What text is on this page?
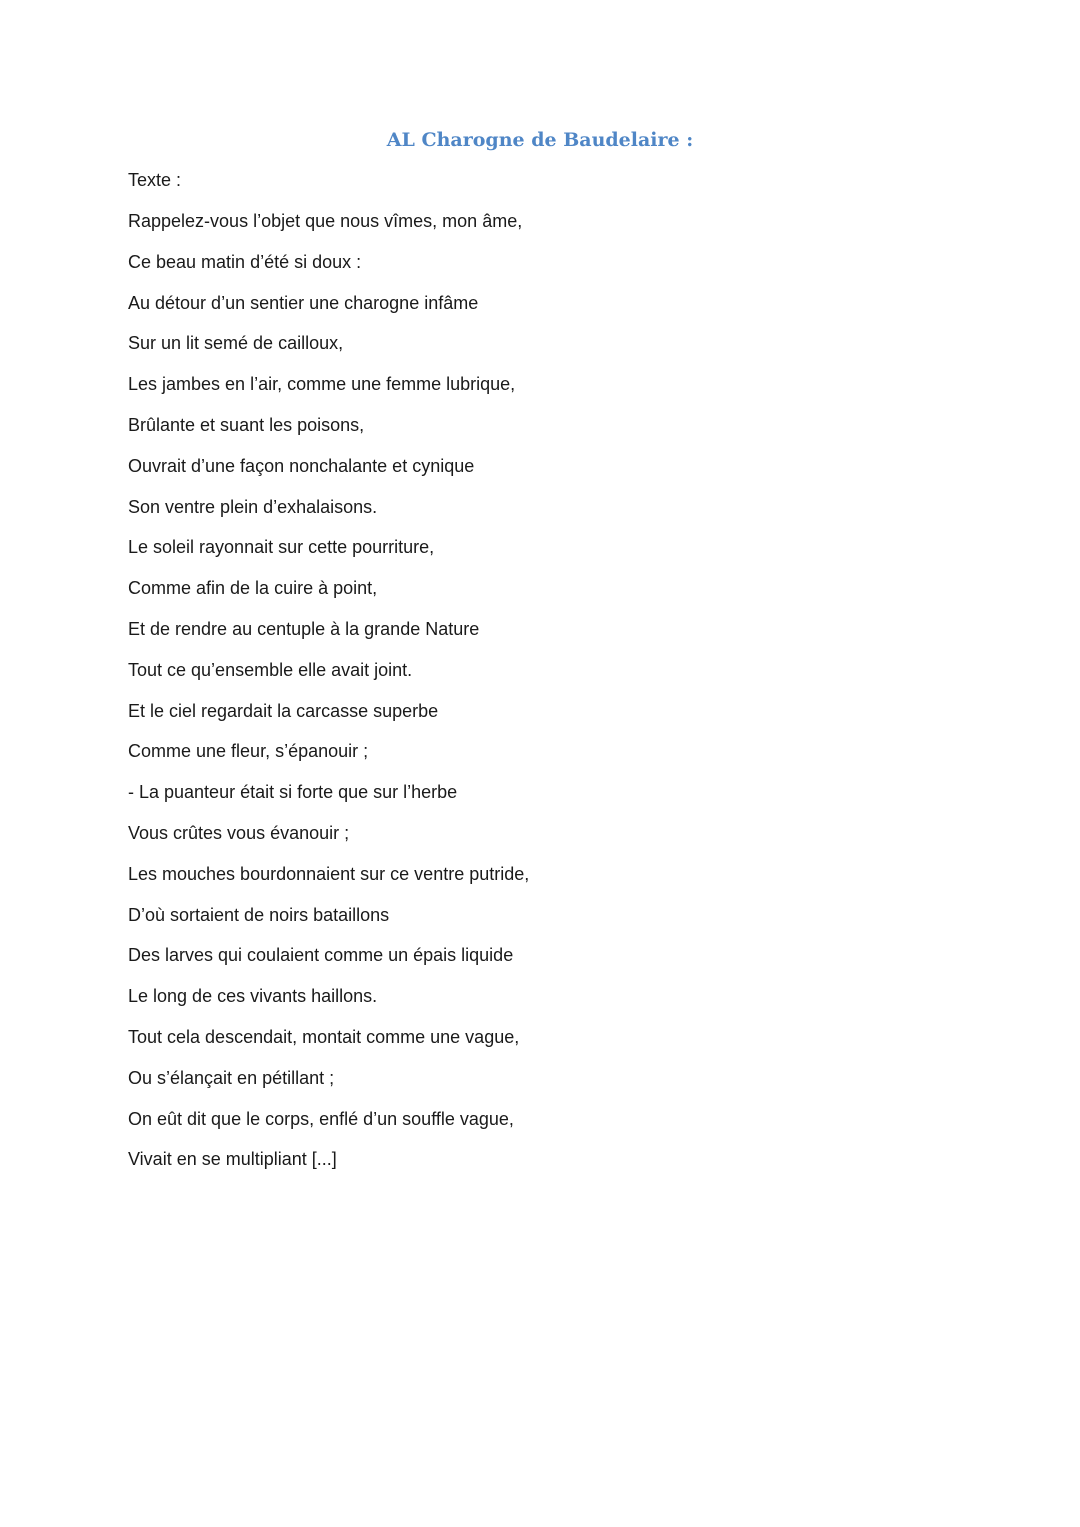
AL Charogne de Baudelaire :

Texte :

Rappelez-vous l’objet que nous vîmes, mon âme,
Ce beau matin d’été si doux :
Au détour d’un sentier une charogne infâme
Sur un lit semé de cailloux,
Les jambes en l’air, comme une femme lubrique,
Brûlante et suant les poisons,
Ouvrait d’une façon nonchalante et cynique
Son ventre plein d’exhalaisons.
Le soleil rayonnait sur cette pourriture,
Comme afin de la cuire à point,
Et de rendre au centuple à la grande Nature
Tout ce qu’ensemble elle avait joint.
Et le ciel regardait la carcasse superbe
Comme une fleur, s’épanouir ;
- La puanteur était si forte que sur l’herbe
Vous crûtes vous évanouir ;
Les mouches bourdonnaient sur ce ventre putride,
D’où sortaient de noirs bataillons
Des larves qui coulaient comme un épais liquide
Le long de ces vivants haillons.
Tout cela descendait, montait comme une vague,
Ou s’élançait en pétillant ;
On eût dit que le corps, enflé d’un souffle vague,
Vivait en se multipliant [...]
